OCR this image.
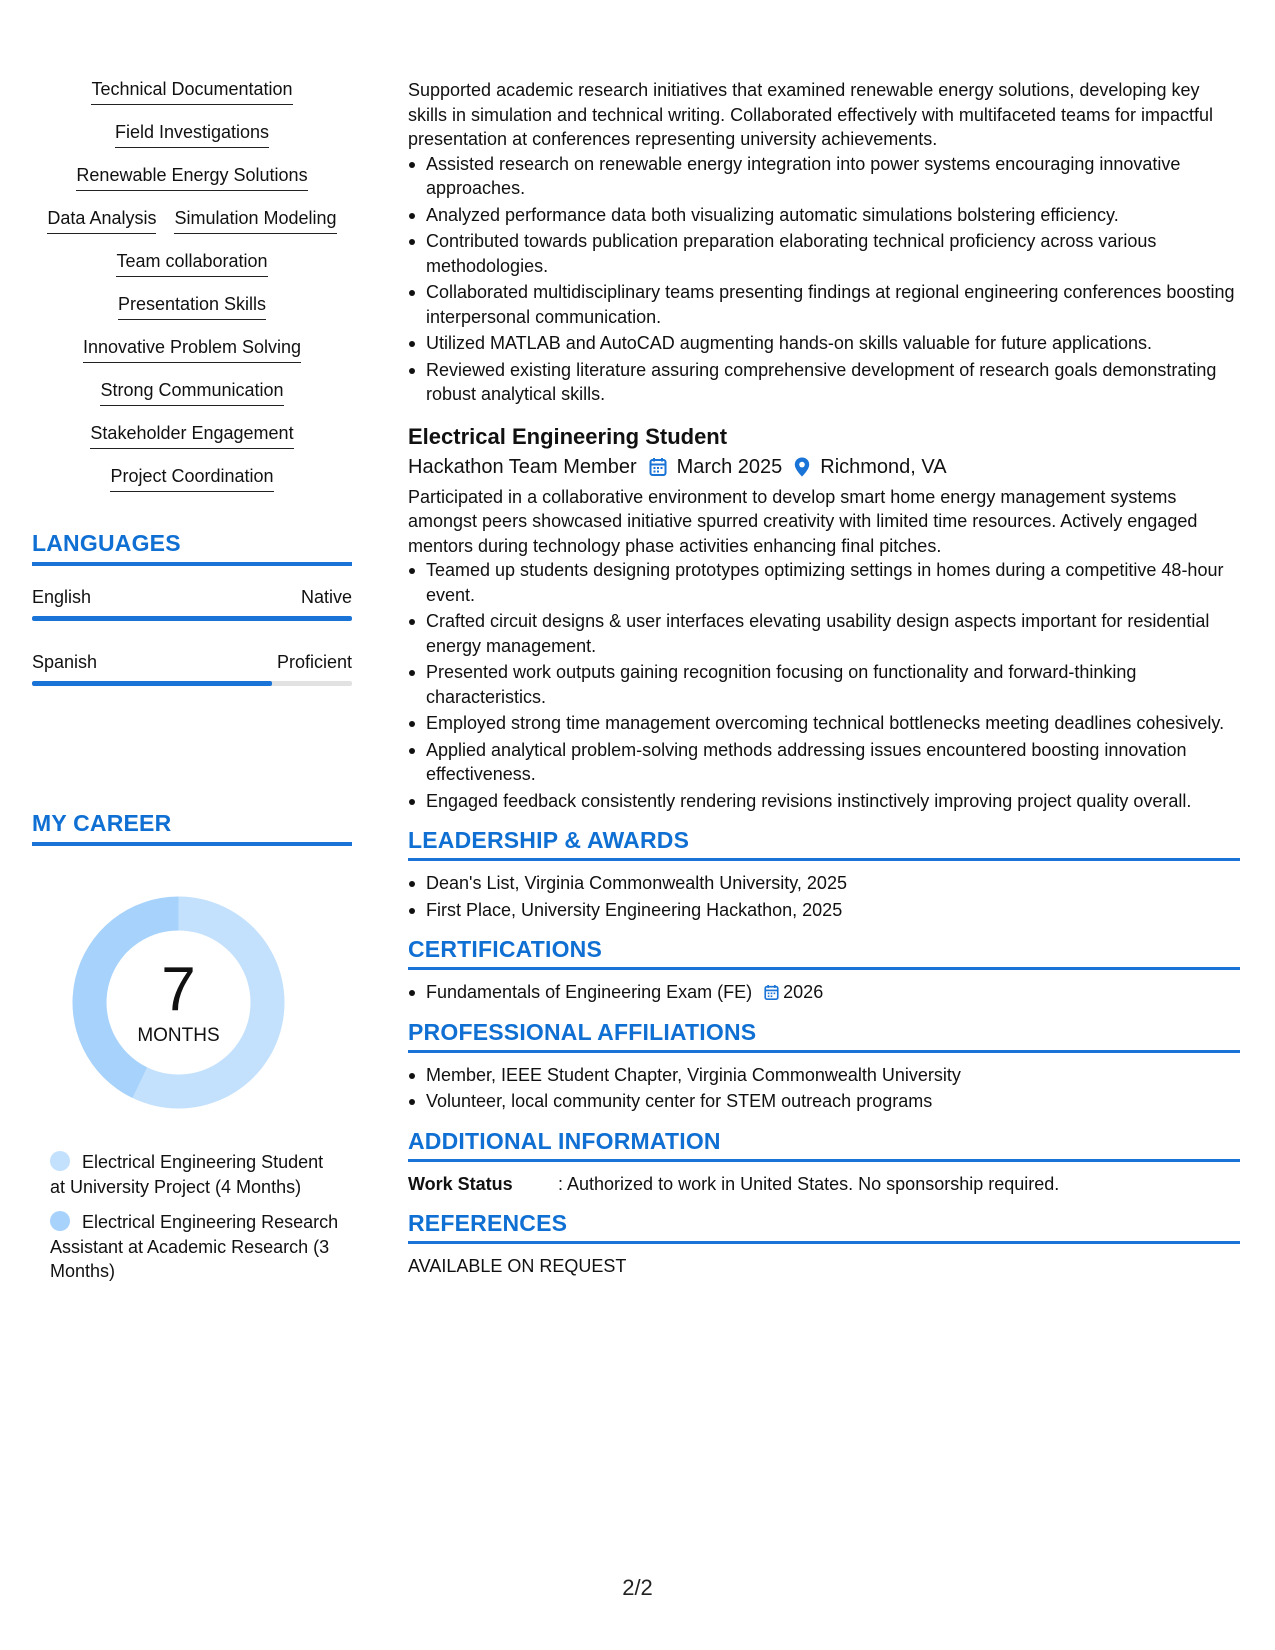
Technical Documentation
Field Investigations
Renewable Energy Solutions
Data Analysis Simulation Modeling
Team collaboration
Presentation Skills
Innovative Problem Solving
Strong Communication
Stakeholder Engagement
Project Coordination
LANGUAGES
English	Native
Spanish	Proficient
MY CAREER
7
MONTHS
Electrical Engineering Student at University Project (4 Months)
Electrical Engineering Research Assistant at Academic Research (3 Months)

Supported academic research initiatives that examined renewable energy solutions, developing key skills in simulation and technical writing. Collaborated effectively with multifaceted teams for impactful presentation at conferences representing university achievements.

Assisted research on renewable energy integration into power systems encouraging innovative approaches.
Analyzed performance data both visualizing automatic simulations bolstering efficiency.
Contributed towards publication preparation elaborating technical proficiency across various methodologies.
Collaborated multidisciplinary teams presenting findings at regional engineering conferences boosting interpersonal communication.
Utilized MATLAB and AutoCAD augmenting hands-on skills valuable for future applications.
Reviewed existing literature assuring comprehensive development of research goals demonstrating robust analytical skills.
Electrical Engineering Student
Hackathon Team Member March 2025 Richmond, VA

Participated in a collaborative environment to develop smart home energy management systems amongst peers showcased initiative spurred creativity with limited time resources. Actively engaged mentors during technology phase activities enhancing final pitches.

Teamed up students designing prototypes optimizing settings in homes during a competitive 48-hour event.
Crafted circuit designs & user interfaces elevating usability design aspects important for residential energy management.
Presented work outputs gaining recognition focusing on functionality and forward-thinking characteristics.
Employed strong time management overcoming technical bottlenecks meeting deadlines cohesively.
Applied analytical problem-solving methods addressing issues encountered boosting innovation effectiveness.
Engaged feedback consistently rendering revisions instinctively improving project quality overall.
LEADERSHIP & AWARDS
Dean's List, Virginia Commonwealth University, 2025
First Place, University Engineering Hackathon, 2025
CERTIFICATIONS
Fundamentals of Engineering Exam (FE) 2026
PROFESSIONAL AFFILIATIONS
Member, IEEE Student Chapter, Virginia Commonwealth University
Volunteer, local community center for STEM outreach programs
ADDITIONAL INFORMATION
Work Status	: Authorized to work in United States. No sponsorship required.
REFERENCES
AVAILABLE ON REQUEST
2/2
